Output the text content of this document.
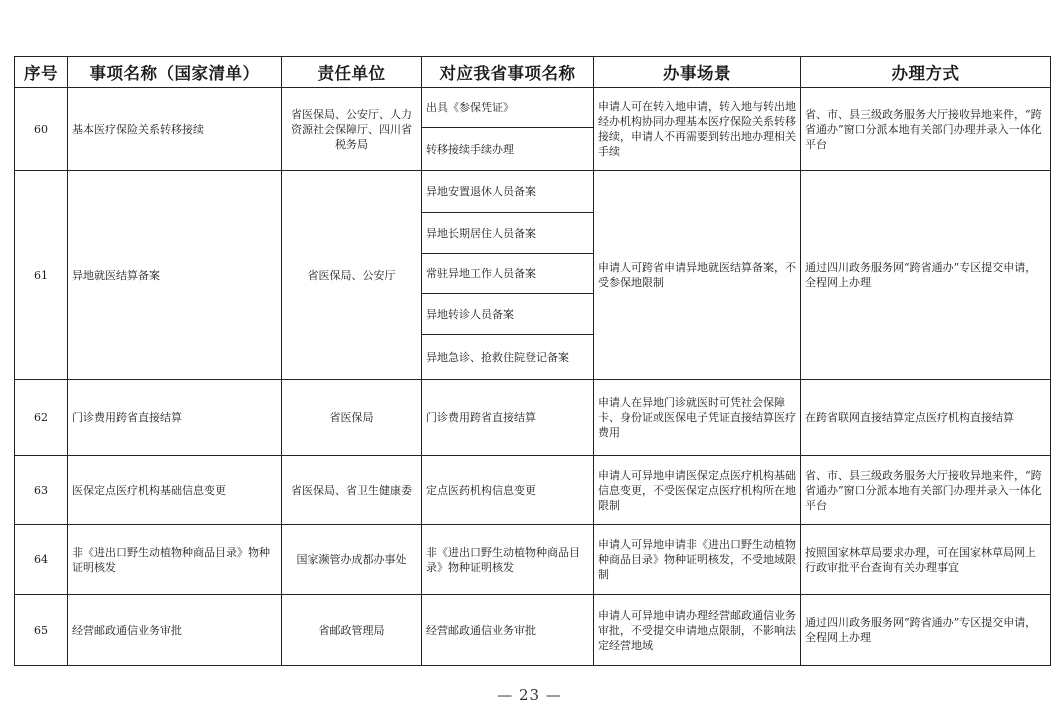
序号	事项名称（国家清单）	责任单位	对应我省事项名称	办事场景	办理方式
60	基本医疗保险关系转移接续	省医保局、公安厅、人力资源社会保障厅、四川省税务局	出具《参保凭证》	申请人可在转入地申请，转入地与转出地经办机构协同办理基本医疗保险关系转移接续，申请人不再需要到转出地办理相关手续	省、市、县三级政务服务大厅接收异地来件，“跨省通办”窗口分派本地有关部门办理并录入一体化平台
			转移接续手续办理		
61	异地就医结算备案	省医保局、公安厅	异地安置退休人员备案	申请人可跨省申请异地就医结算备案，不受参保地限制	通过四川政务服务网“跨省通办”专区提交申请，全程网上办理
			异地长期居住人员备案		
			常驻异地工作人员备案		
			异地转诊人员备案		
			异地急诊、抢救住院登记备案		
62	门诊费用跨省直接结算	省医保局	门诊费用跨省直接结算	申请人在异地门诊就医时可凭社会保障卡、身份证或医保电子凭证直接结算医疗费用	在跨省联网直接结算定点医疗机构直接结算
63	医保定点医疗机构基础信息变更	省医保局、省卫生健康委	定点医药机构信息变更	申请人可异地申请医保定点医疗机构基础信息变更，不受医保定点医疗机构所在地限制	省、市、县三级政务服务大厅接收异地来件，“跨省通办”窗口分派本地有关部门办理并录入一体化平台
64	非《进出口野生动植物种商品目录》物种证明核发	国家濒管办成都办事处	非《进出口野生动植物种商品目录》物种证明核发	申请人可异地申请非《进出口野生动植物种商品目录》物种证明核发，不受地域限制	按照国家林草局要求办理，可在国家林草局网上行政审批平台查询有关办理事宜
65	经营邮政通信业务审批	省邮政管理局	经营邮政通信业务审批	申请人可异地申请办理经营邮政通信业务审批，不受提交申请地点限制，不影响法定经营地域	通过四川政务服务网“跨省通办”专区提交申请，全程网上办理
— 23 —
